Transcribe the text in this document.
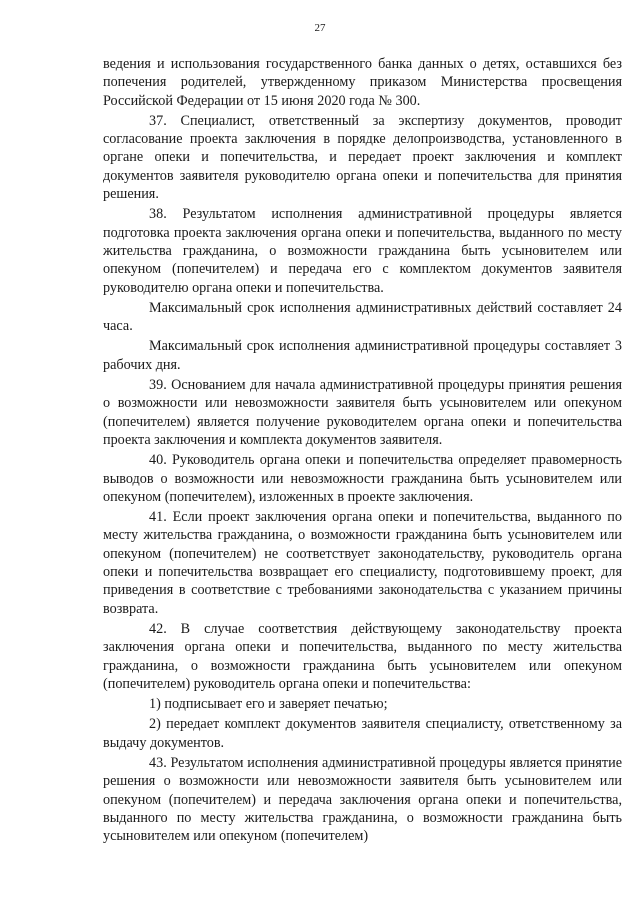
27

ведения и использования государственного банка данных о детях, оставшихся без попечения родителей, утвержденному приказом Министерства просвещения Российской Федерации от 15 июня 2020 года № 300.

37. Специалист, ответственный за экспертизу документов, проводит согласование проекта заключения в порядке делопроизводства, установленного в органе опеки и попечительства, и передает проект заключения и комплект документов заявителя руководителю органа опеки и попечительства для принятия решения.

38. Результатом исполнения административной процедуры является подготовка проекта заключения органа опеки и попечительства, выданного по месту жительства гражданина, о возможности гражданина быть усыновителем или опекуном (попечителем) и передача его с комплектом документов заявителя руководителю органа опеки и попечительства.

Максимальный срок исполнения административных действий составляет 24 часа.

Максимальный срок исполнения административной процедуры составляет 3 рабочих дня.

39. Основанием для начала административной процедуры принятия решения о возможности или невозможности заявителя быть усыновителем или опекуном (попечителем) является получение руководителем органа опеки и попечительства проекта заключения и комплекта документов заявителя.

40. Руководитель органа опеки и попечительства определяет правомерность выводов о возможности или невозможности гражданина быть усыновителем или опекуном (попечителем), изложенных в проекте заключения.

41. Если проект заключения органа опеки и попечительства, выданного по месту жительства гражданина, о возможности гражданина быть усыновителем или опекуном (попечителем) не соответствует законодательству, руководитель органа опеки и попечительства возвращает его специалисту, подготовившему проект, для приведения в соответствие с требованиями законодательства с указанием причины возврата.

42. В случае соответствия действующему законодательству проекта заключения органа опеки и попечительства, выданного по месту жительства гражданина, о возможности гражданина быть усыновителем или опекуном (попечителем) руководитель органа опеки и попечительства:

1) подписывает его и заверяет печатью;

2) передает комплект документов заявителя специалисту, ответственному за выдачу документов.

43. Результатом исполнения административной процедуры является принятие решения о возможности или невозможности заявителя быть усыновителем или опекуном (попечителем) и передача заключения органа опеки и попечительства, выданного по месту жительства гражданина, о возможности гражданина быть усыновителем или опекуном (попечителем)
